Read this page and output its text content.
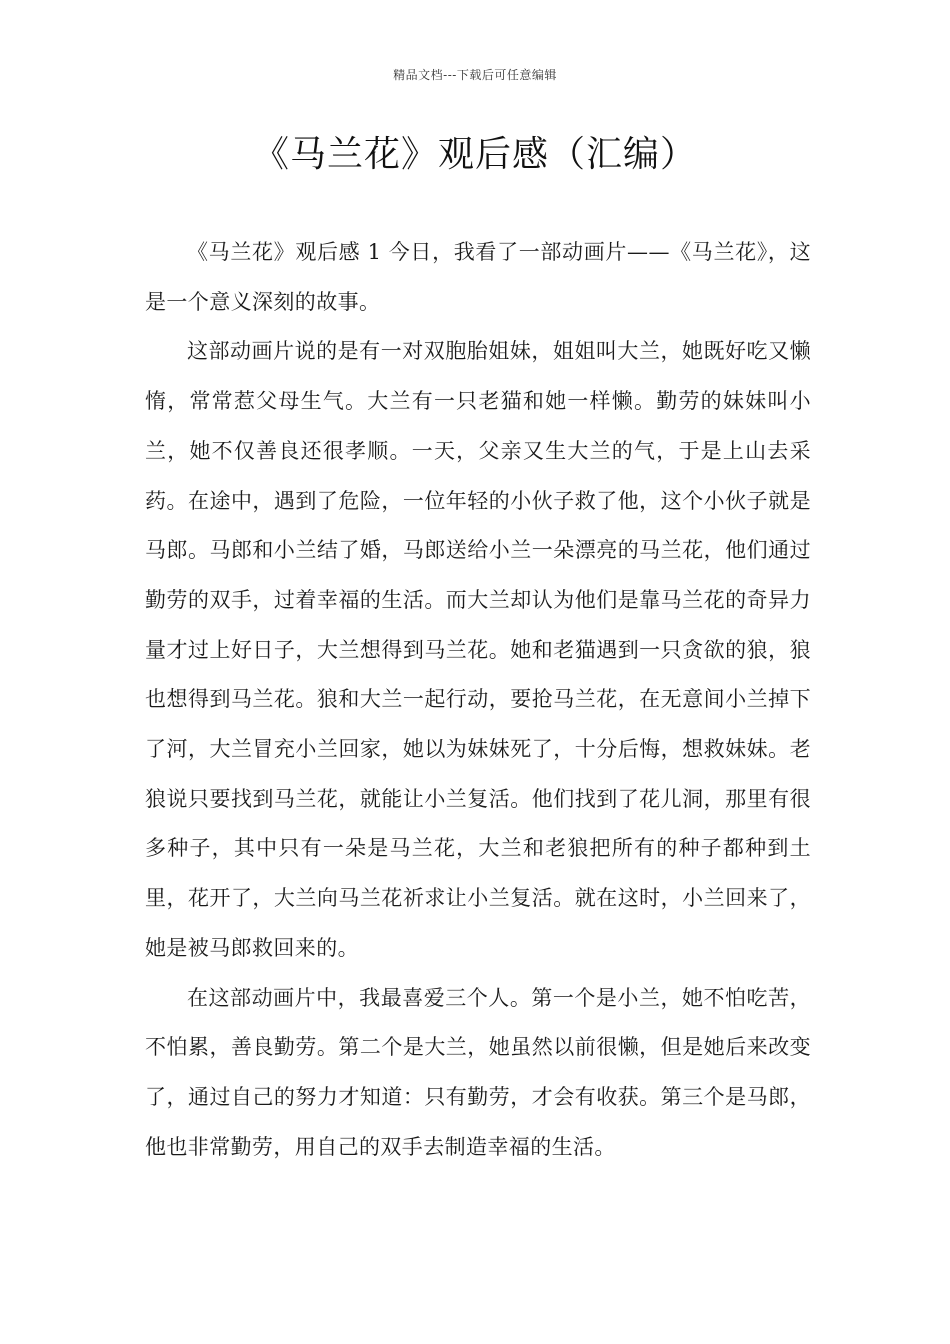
精品文档---下载后可任意编辑
《马兰花》观后感（汇编）

《马兰花》观后感 1 今日，我看了一部动画片——《马兰花》，这是一个意义深刻的故事。

这部动画片说的是有一对双胞胎姐妹，姐姐叫大兰，她既好吃又懒惰，常常惹父母生气。大兰有一只老猫和她一样懒。勤劳的妹妹叫小兰，她不仅善良还很孝顺。一天，父亲又生大兰的气，于是上山去采药。在途中，遇到了危险，一位年轻的小伙子救了他，这个小伙子就是马郎。马郎和小兰结了婚，马郎送给小兰一朵漂亮的马兰花，他们通过勤劳的双手，过着幸福的生活。而大兰却认为他们是靠马兰花的奇异力量才过上好日子，大兰想得到马兰花。她和老猫遇到一只贪欲的狼，狼也想得到马兰花。狼和大兰一起行动，要抢马兰花，在无意间小兰掉下了河，大兰冒充小兰回家，她以为妹妹死了，十分后悔，想救妹妹。老狼说只要找到马兰花，就能让小兰复活。他们找到了花儿洞，那里有很多种子，其中只有一朵是马兰花，大兰和老狼把所有的种子都种到土里，花开了，大兰向马兰花祈求让小兰复活。就在这时，小兰回来了，她是被马郎救回来的。

在这部动画片中，我最喜爱三个人。第一个是小兰，她不怕吃苦，不怕累，善良勤劳。第二个是大兰，她虽然以前很懒，但是她后来改变了，通过自己的努力才知道：只有勤劳，才会有收获。第三个是马郎，他也非常勤劳，用自己的双手去制造幸福的生活。
